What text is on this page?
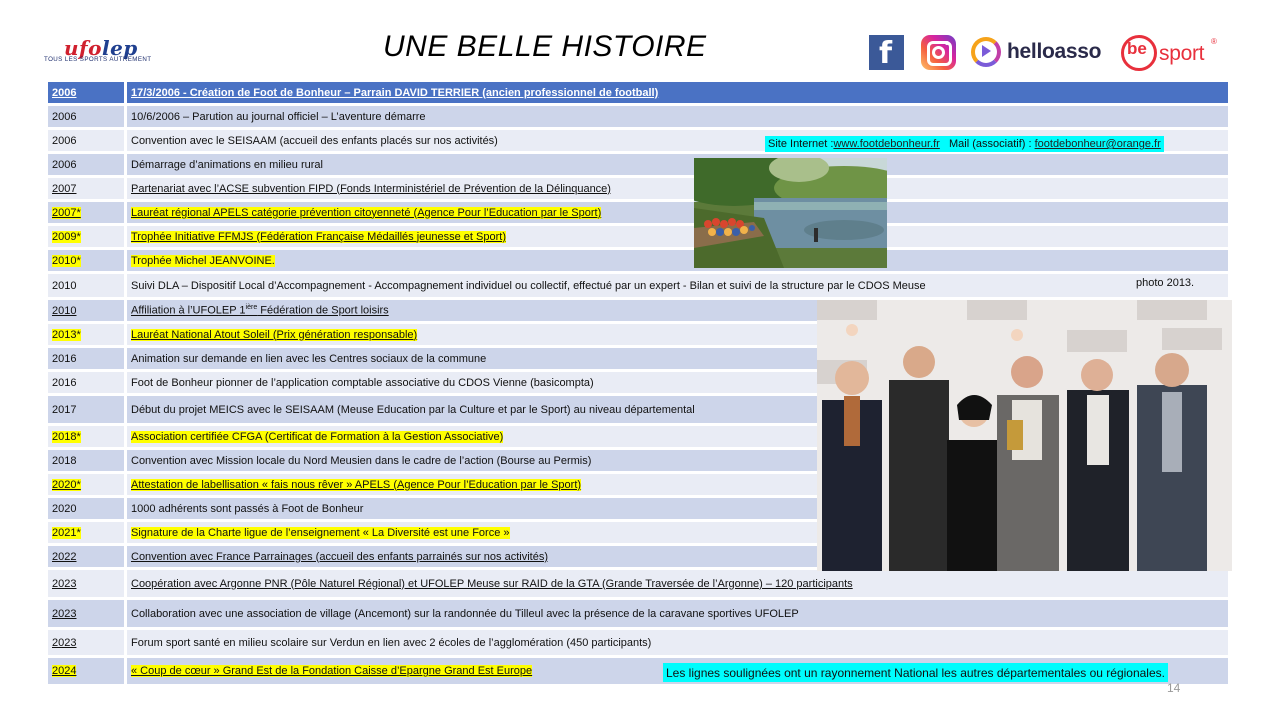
ufolep
TOUS LES SPORTS AUTREMENT	UNE BELLE HISTOIRE	f	helloasso be sport
®
2006	17/3/2006 - Création de Foot de Bonheur – Parrain DAVID TERRIER (ancien professionnel de football)
2006	10/6/2006 – Parution au journal officiel – L’aventure démarre
2006	Convention avec le SEISAAM (accueil des enfants placés sur nos activités)
2006	Démarrage d’animations en milieu rural
2007	Partenariat avec l’ACSE subvention FIPD (Fonds Interministériel de Prévention de la Délinquance)
2007*	Lauréat régional APELS catégorie prévention citoyenneté (Agence Pour l’Education par le Sport)
2009*	Trophée Initiative FFMJS (Fédération Française Médaillés jeunesse et Sport)
2010*	Trophée Michel JEANVOINE.
2010	Suivi DLA – Dispositif Local d’Accompagnement - Accompagnement individuel ou collectif, effectué par un expert - Bilan et suivi de la structure par le CDOS Meuse
2010	Affiliation à l’UFOLEP $1^{ière}$ Fédération de Sport loisirs
2013*	Lauréat National Atout Soleil (Prix génération responsable)
2016	Animation sur demande en lien avec les Centres sociaux de la commune
2016	Foot de Bonheur pionner de l’application comptable associative du CDOS Vienne (basicompta)
2017	Début du projet MEICS avec le SEISAAM (Meuse Education par la Culture et par le Sport) au niveau départemental
2018*	Association certifiée CFGA (Certificat de Formation à la Gestion Associative)
2018	Convention avec Mission locale du Nord Meusien dans le cadre de l’action (Bourse au Permis)
2020*	Attestation de labellisation « fais nous rêver » APELS (Agence Pour l’Education par le Sport)
2020	1000 adhérents sont passés à Foot de Bonheur
2021*	Signature de la Charte ligue de l’enseignement « La Diversité est une Force »
2022	Convention avec France Parrainages (accueil des enfants parrainés sur nos activités)
2023	Coopération avec Argonne PNR (Pôle Naturel Régional) et UFOLEP Meuse sur RAID de la GTA (Grande Traversée de l’Argonne) – 120 participants
2023	Collaboration avec une association de village (Ancemont) sur la randonnée du Tilleul avec la présence de la caravane sportives UFOLEP
2023	Forum sport santé en milieu scolaire sur Verdun en lien avec 2 écoles de l’agglomération (450 participants)
2024	« Coup de cœur » Grand Est de la Fondation Caisse d’Epargne Grand Est Europe
Site Internet : www.footdebonheur.fr Mail (associatif) : footdebonheur@orange.fr
photo 2013.
Les lignes soulignées ont un rayonnement National les autres départementales ou régionales.
14
